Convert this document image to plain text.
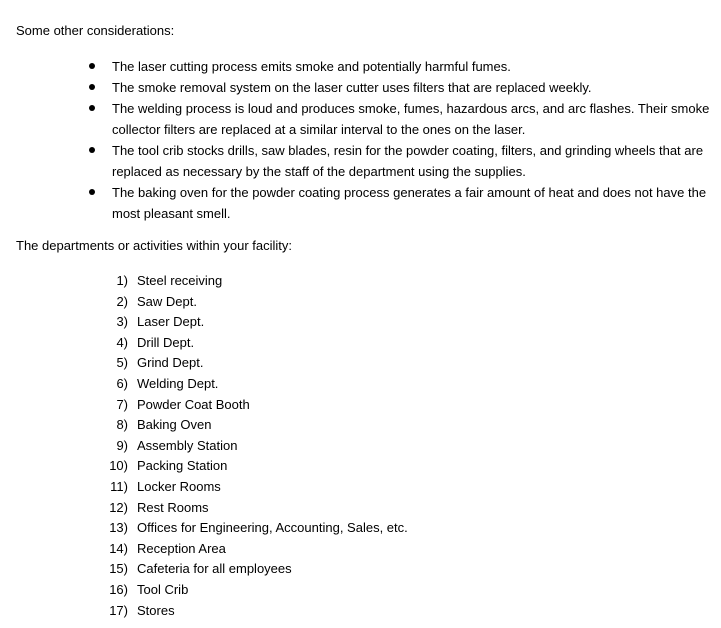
Some other considerations:

The laser cutting process emits smoke and potentially harmful fumes.
The smoke removal system on the laser cutter uses filters that are replaced weekly.
The welding process is loud and produces smoke, fumes, hazardous arcs, and arc flashes. Their smoke collector filters are replaced at a similar interval to the ones on the laser.
The tool crib stocks drills, saw blades, resin for the powder coating, filters, and grinding wheels that are replaced as necessary by the staff of the department using the supplies.
The baking oven for the powder coating process generates a fair amount of heat and does not have the most pleasant smell.

The departments or activities within your facility:

1) Steel receiving
2) Saw Dept.
3) Laser Dept.
4) Drill Dept.
5) Grind Dept.
6) Welding Dept.
7) Powder Coat Booth
8) Baking Oven
9) Assembly Station
10) Packing Station
11) Locker Rooms
12) Rest Rooms
13) Offices for Engineering, Accounting, Sales, etc.
14) Reception Area
15) Cafeteria for all employees
16) Tool Crib
17) Stores
